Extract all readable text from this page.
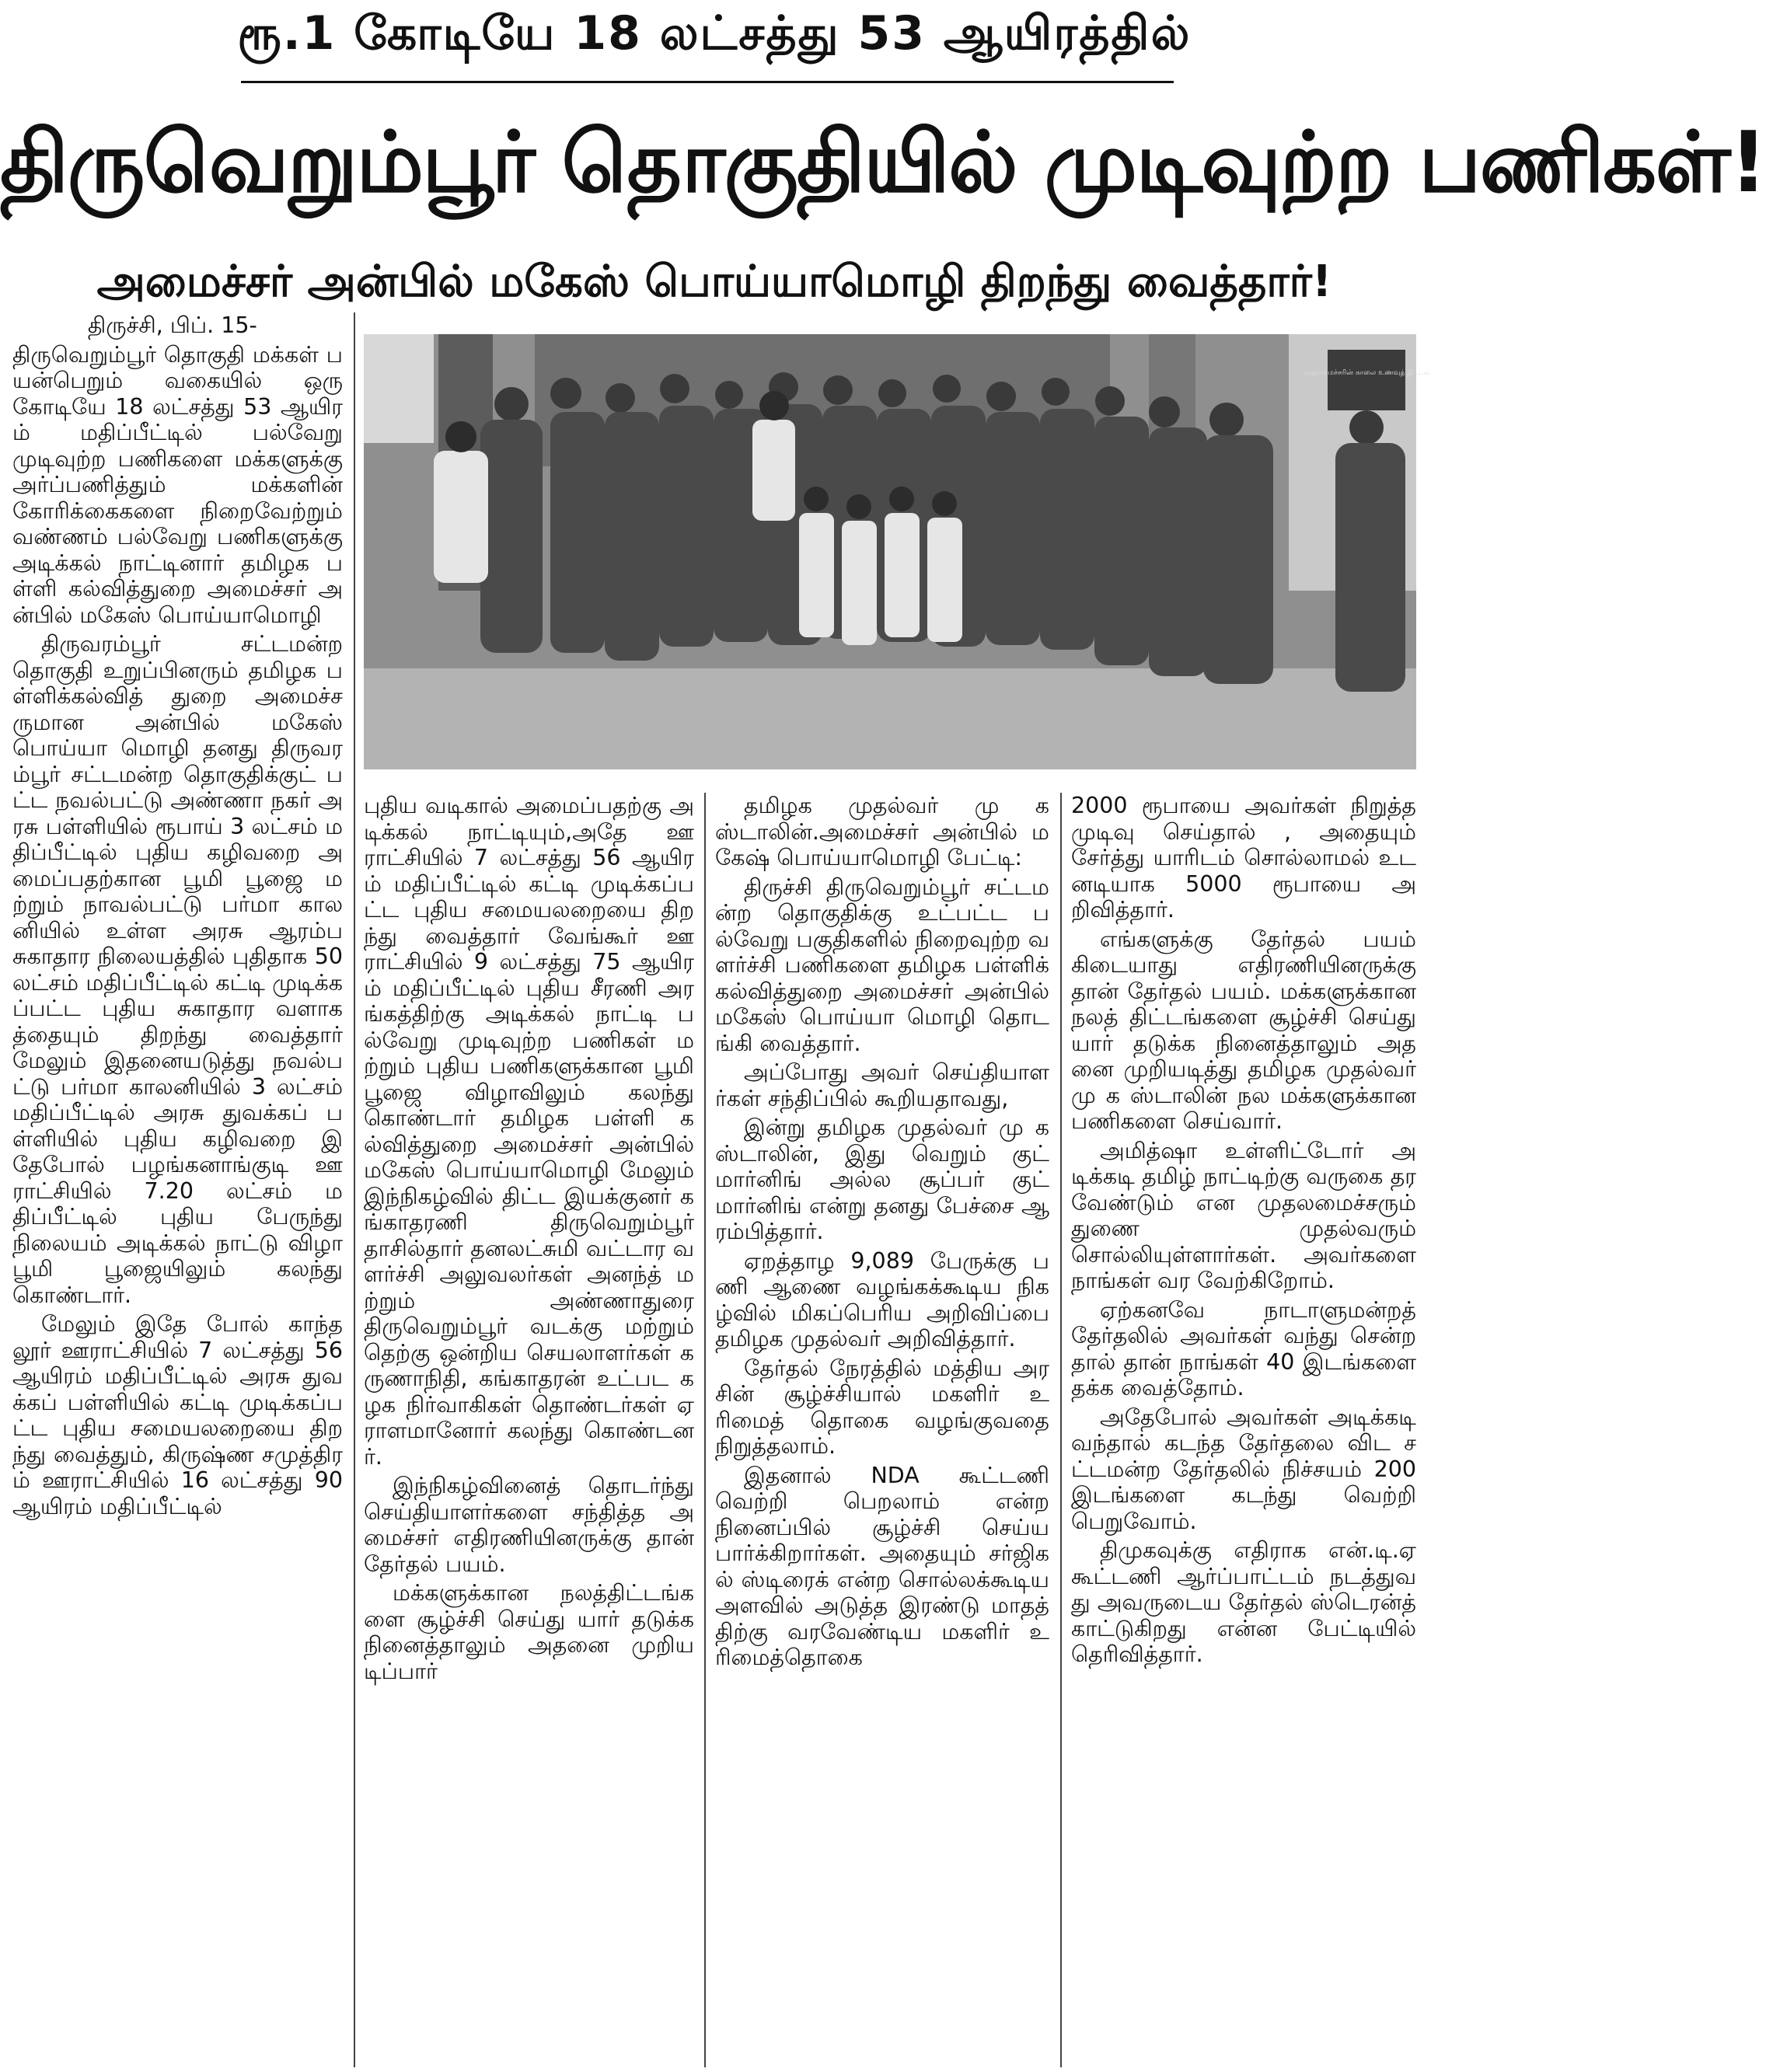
ரூ.1 கோடியே 18 லட்சத்து 53 ஆயிரத்தில்
திருவெறும்பூர் தொகுதியில் முடிவுற்ற பணிகள்!
அமைச்சர் அன்பில் மகேஸ் பொய்யாமொழி திறந்து வைத்தார்!

திருச்சி, பிப். 15-

திருவெறும்பூர் தொகுதி மக்கள் பயன்பெறும் வகையில் ஒரு கோடியே 18 லட்சத்து 53 ஆயிரம் மதிப்பீட்டில் பல்வேறு முடிவுற்ற பணிகளை மக்களுக்கு அர்ப்பணித்தும் மக்களின் கோரிக்கைகளை நிறைவேற்றும் வண்ணம் பல்வேறு பணிகளுக்கு அடிக்கல் நாட்டினார் தமிழக பள்ளி கல்வித்துறை அமைச்சர் அன்பில் மகேஸ் பொய்யாமொழி

திருவரம்பூர் சட்டமன்ற தொகுதி உறுப்பினரும் தமிழக பள்ளிக்கல்வித் துறை அமைச்சருமான அன்பில் மகேஸ் பொய்யா மொழி தனது திருவரம்பூர் சட்டமன்ற தொகுதிக்குட் பட்ட நவல்பட்டு அண்ணா நகர் அரசு பள்ளியில் ரூபாய் 3 லட்சம் மதிப்பீட்டில் புதிய கழிவறை அமைப்பதற்கான பூமி பூஜை மற்றும் நாவல்பட்டு பர்மா காலனியில் உள்ள அரசு ஆரம்ப சுகாதார நிலையத்தில் புதிதாக 50 லட்சம் மதிப்பீட்டில் கட்டி முடிக்கப்பட்ட புதிய சுகாதார வளாகத்தையும் திறந்து வைத்தார் மேலும் இதனையடுத்து நவல்பட்டு பர்மா காலனியில் 3 லட்சம் மதிப்பீட்டில் அரசு துவக்கப் பள்ளியில் புதிய கழிவறை இதேபோல் பழங்கனாங்குடி ஊராட்சியில் 7.20 லட்சம் மதிப்பீட்டில் புதிய பேருந்து நிலையம் அடிக்கல் நாட்டு விழா பூமி பூஜையிலும் கலந்து கொண்டார்.

மேலும் இதே போல் காந்தலூர் ஊராட்சியில் 7 லட்சத்து 56 ஆயிரம் மதிப்பீட்டில் அரசு துவக்கப் பள்ளியில் கட்டி முடிக்கப்பட்ட புதிய சமையலறையை திறந்து வைத்தும், கிருஷ்ண சமுத்திரம் ஊராட்சியில் 16 லட்சத்து 90 ஆயிரம் மதிப்பீட்டில்

முதலமைச்சரின் காலை உணவுத் திட்டம்

புதிய வடிகால் அமைப்பதற்கு அடிக்கல் நாட்டியும்,அதே ஊராட்சியில் 7 லட்சத்து 56 ஆயிரம் மதிப்பீட்டில் கட்டி முடிக்கப்பட்ட புதிய சமையலறையை திறந்து வைத்தார் வேங்கூர் ஊராட்சியில் 9 லட்சத்து 75 ஆயிரம் மதிப்பீட்டில் புதிய சீரணி அரங்கத்திற்கு அடிக்கல் நாட்டி பல்வேறு முடிவுற்ற பணிகள் மற்றும் புதிய பணிகளுக்கான பூமி பூஜை விழாவிலும் கலந்து கொண்டார் தமிழக பள்ளி கல்வித்துறை அமைச்சர் அன்பில் மகேஸ் பொய்யாமொழி மேலும் இந்நிகழ்வில் திட்ட இயக்குனர் கங்காதரணி திருவெறும்பூர் தாசில்தார் தனலட்சுமி வட்டார வளர்ச்சி அலுவலர்கள் அனந்த் மற்றும் அண்ணாதுரை திருவெறும்பூர் வடக்கு மற்றும் தெற்கு ஒன்றிய செயலாளர்கள் கருணாநிதி, கங்காதரன் உட்பட கழக நிர்வாகிகள் தொண்டர்கள் ஏராளமானோர் கலந்து கொண்டனர்.

இந்நிகழ்வினைத் தொடர்ந்து செய்தியாளர்களை சந்தித்த அமைச்சர் எதிரணியினருக்கு தான் தேர்தல் பயம்.

மக்களுக்கான நலத்திட்டங்களை சூழ்ச்சி செய்து யார் தடுக்க நினைத்தாலும் அதனை முறியடிப்பார்

தமிழக முதல்வர் மு க ஸ்டாலின்.அமைச்சர் அன்பில் மகேஷ் பொய்யாமொழி பேட்டி:

திருச்சி திருவெறும்பூர் சட்டமன்ற தொகுதிக்கு உட்பட்ட பல்வேறு பகுதிகளில் நிறைவுற்ற வளர்ச்சி பணிகளை தமிழக பள்ளிக் கல்வித்துறை அமைச்சர் அன்பில் மகேஸ் பொய்யா மொழி தொடங்கி வைத்தார்.

அப்போது அவர் செய்தியாளர்கள் சந்திப்பில் கூறியதாவது,

இன்று தமிழக முதல்வர் மு க ஸ்டாலின், இது வெறும் குட் மார்னிங் அல்ல சூப்பர் குட் மார்னிங் என்று தனது பேச்சை ஆரம்பித்தார்.

ஏறத்தாழ 9,089 பேருக்கு பணி ஆணை வழங்கக்கூடிய நிகழ்வில் மிகப்பெரிய அறிவிப்பை தமிழக முதல்வர் அறிவித்தார்.

தேர்தல் நேரத்தில் மத்திய அரசின் சூழ்ச்சியால் மகளிர் உரிமைத் தொகை வழங்குவதை நிறுத்தலாம்.

இதனால் NDA கூட்டணி வெற்றி பெறலாம் என்ற நினைப்பில் சூழ்ச்சி செய்ய பார்க்கிறார்கள். அதையும் சர்ஜிகல் ஸ்டிரைக் என்ற சொல்லக்கூடிய அளவில் அடுத்த இரண்டு மாதத் திற்கு வரவேண்டிய மகளிர் உரிமைத்தொகை

2000 ரூபாயை அவர்கள் நிறுத்த முடிவு செய்தால் , அதையும் சேர்த்து யாரிடம் சொல்லாமல் உடனடியாக 5000 ரூபாயை அறிவித்தார்.

எங்களுக்கு தேர்தல் பயம் கிடையாது எதிரணியினருக்கு தான் தேர்தல் பயம். மக்களுக்கான நலத் திட்டங்களை சூழ்ச்சி செய்து யார் தடுக்க நினைத்தாலும் அதனை முறியடித்து தமிழக முதல்வர் மு க ஸ்டாலின் நல மக்களுக்கான பணிகளை செய்வார்.

அமித்ஷா உள்ளிட்டோர் அடிக்கடி தமிழ் நாட்டிற்கு வருகை தர வேண்டும் என முதலமைச்சரும் துணை முதல்வரும் சொல்லியுள்ளார்கள். அவர்களை நாங்கள் வர வேற்கிறோம்.

ஏற்கனவே நாடாளுமன்றத் தேர்தலில் அவர்கள் வந்து சென்றதால் தான் நாங்கள் 40 இடங்களை தக்க வைத்தோம்.

அதேபோல் அவர்கள் அடிக்கடி வந்தால் கடந்த தேர்தலை விட சட்டமன்ற தேர்தலில் நிச்சயம் 200இடங்களை கடந்து வெற்றி பெறுவோம்.

திமுகவுக்கு எதிராக என்.டி.ஏ கூட்டணி ஆர்ப்பாட்டம் நடத்துவது அவருடைய தேர்தல் ஸ்டெரன்த் காட்டுகிறது என்ன பேட்டியில் தெரிவித்தார்.
